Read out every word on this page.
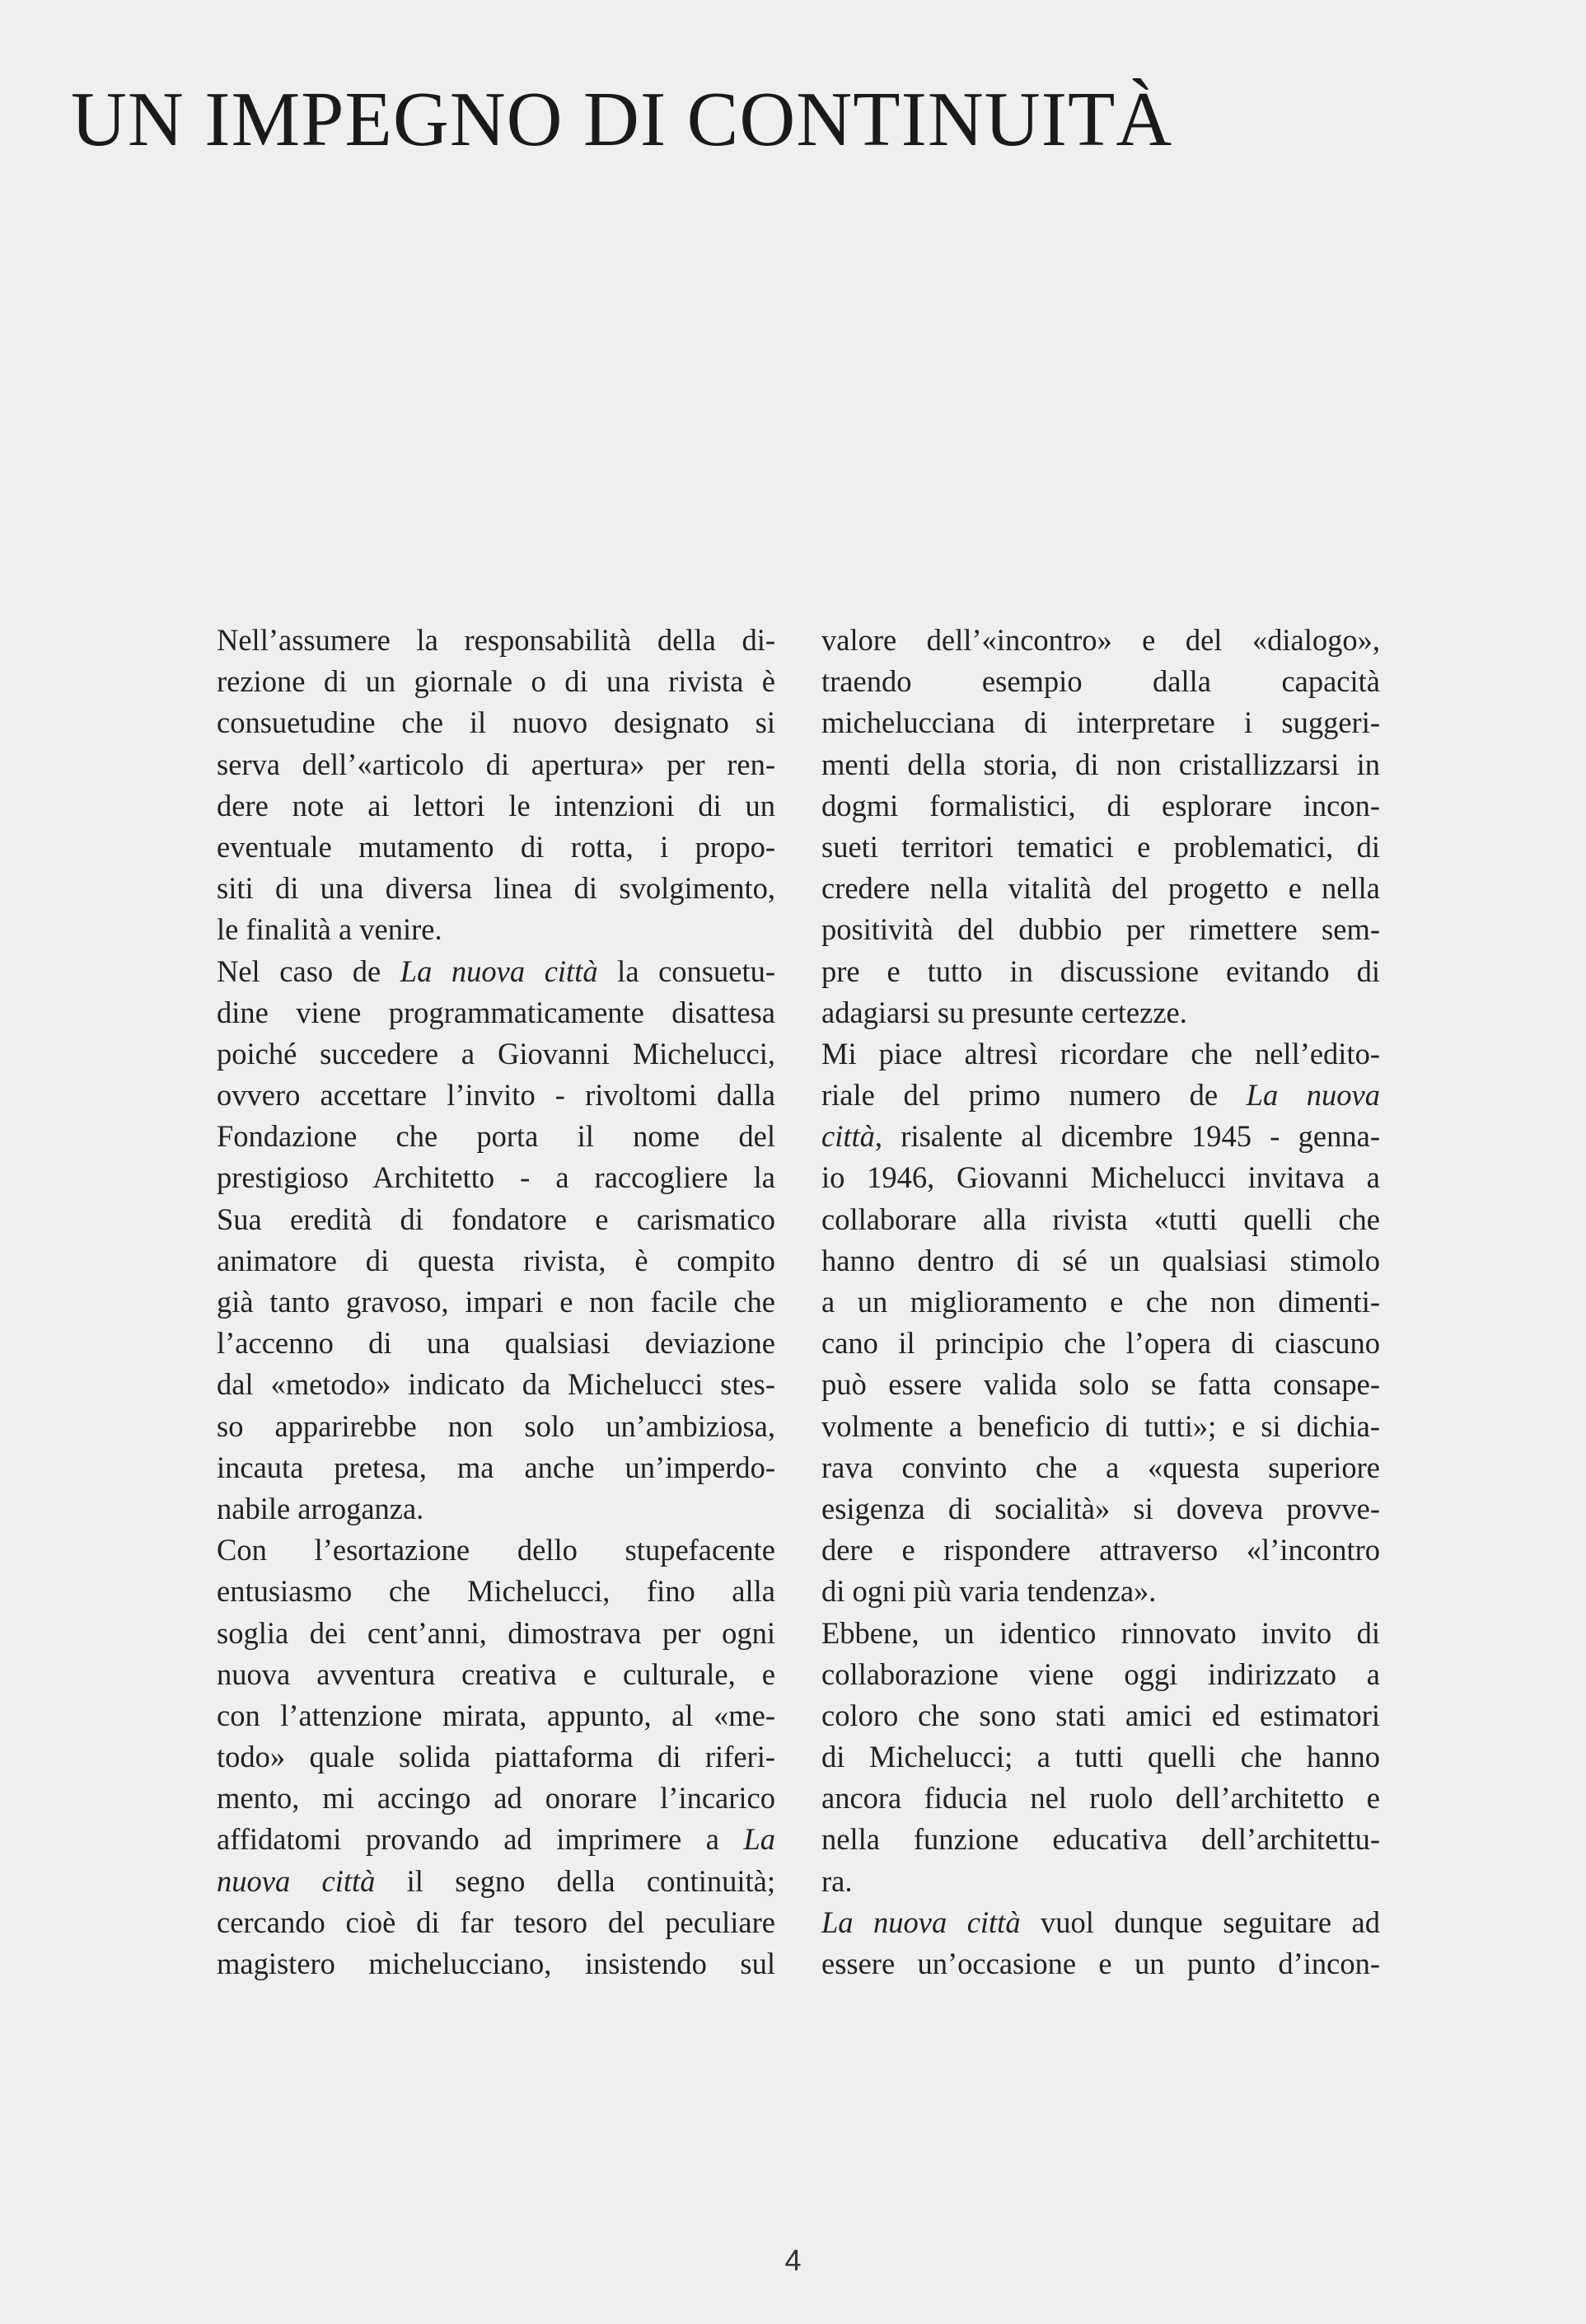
UN IMPEGNO DI CONTINUITÀ
Nell’assumere la responsabilità della di-
rezione di un giornale o di una rivista è
consuetudine che il nuovo designato si
serva dell’«articolo di apertura» per ren-
dere note ai lettori le intenzioni di un
eventuale mutamento di rotta, i propo-
siti di una diversa linea di svolgimento,
le finalità a venire.
Nel caso de La nuova città la consuetu-
dine viene programmaticamente disattesa
poiché succedere a Giovanni Michelucci,
ovvero accettare l’invito - rivoltomi dalla
Fondazione che porta il nome del
prestigioso Architetto - a raccogliere la
Sua eredità di fondatore e carismatico
animatore di questa rivista, è compito
già tanto gravoso, impari e non facile che
l’accenno di una qualsiasi deviazione
dal «metodo» indicato da Michelucci stes-
so apparirebbe non solo un’ambiziosa,
incauta pretesa, ma anche un’imperdo-
nabile arroganza.
Con l’esortazione dello stupefacente
entusiasmo che Michelucci, fino alla
soglia dei cent’anni, dimostrava per ogni
nuova avventura creativa e culturale, e
con l’attenzione mirata, appunto, al «me-
todo» quale solida piattaforma di riferi-
mento, mi accingo ad onorare l’incarico
affidatomi provando ad imprimere a La
nuova città il segno della continuità;
cercando cioè di far tesoro del peculiare
magistero michelucciano, insistendo sul
valore dell’«incontro» e del «dialogo»,
traendo esempio dalla capacità
michelucciana di interpretare i suggeri-
menti della storia, di non cristallizzarsi in
dogmi formalistici, di esplorare incon-
sueti territori tematici e problematici, di
credere nella vitalità del progetto e nella
positività del dubbio per rimettere sem-
pre e tutto in discussione evitando di
adagiarsi su presunte certezze.
Mi piace altresì ricordare che nell’edito-
riale del primo numero de La nuova
città, risalente al dicembre 1945 - genna-
io 1946, Giovanni Michelucci invitava a
collaborare alla rivista «tutti quelli che
hanno dentro di sé un qualsiasi stimolo
a un miglioramento e che non dimenti-
cano il principio che l’opera di ciascuno
può essere valida solo se fatta consape-
volmente a beneficio di tutti»; e si dichia-
rava convinto che a «questa superiore
esigenza di socialità» si doveva provve-
dere e rispondere attraverso «l’incontro
di ogni più varia tendenza».
Ebbene, un identico rinnovato invito di
collaborazione viene oggi indirizzato a
coloro che sono stati amici ed estimatori
di Michelucci; a tutti quelli che hanno
ancora fiducia nel ruolo dell’architetto e
nella funzione educativa dell’architettu-
ra.
La nuova città vuol dunque seguitare ad
essere un’occasione e un punto d’incon-
4
